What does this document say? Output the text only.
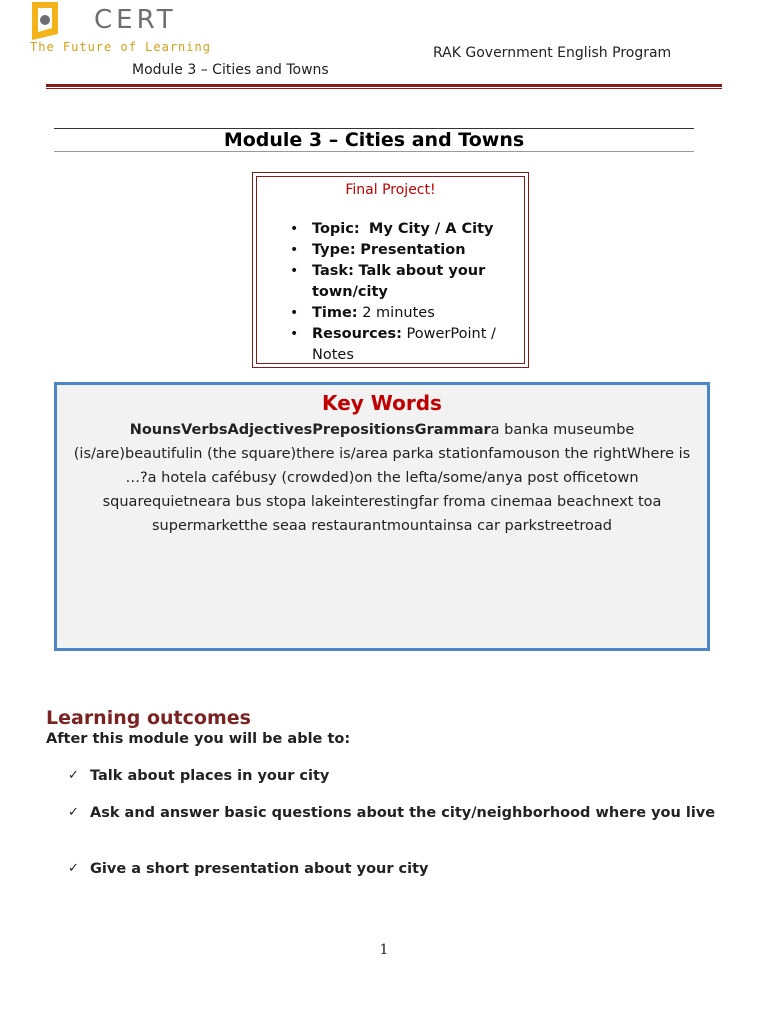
CERT
The Future of Learning	RAK Government English Program
Module 3 – Cities and Towns
Module 3 – Cities and Towns
Final Project!
• Topic: My City / A City
• Type: Presentation
• Task: Talk about your town/city
• Time: 2 minutes
• Resources: PowerPoint / Notes
Key Words
NounsVerbsAdjectivesPrepositionsGrammara banka museumbe (is/are)beautifulin (the square)there is/area parka stationfamouson the rightWhere is …?a hotela cafébusy (crowded)on the lefta/some/anya post officetown squarequietneara bus stopa lakeinterestingfar froma cinemaa beachnext toa supermarketthe seaa restaurantmountainsa car parkstreetroad
Learning outcomes
After this module you will be able to:
✓ Talk about places in your city
✓ Ask and answer basic questions about the city/neighborhood where you live
✓ Give a short presentation about your city
1
